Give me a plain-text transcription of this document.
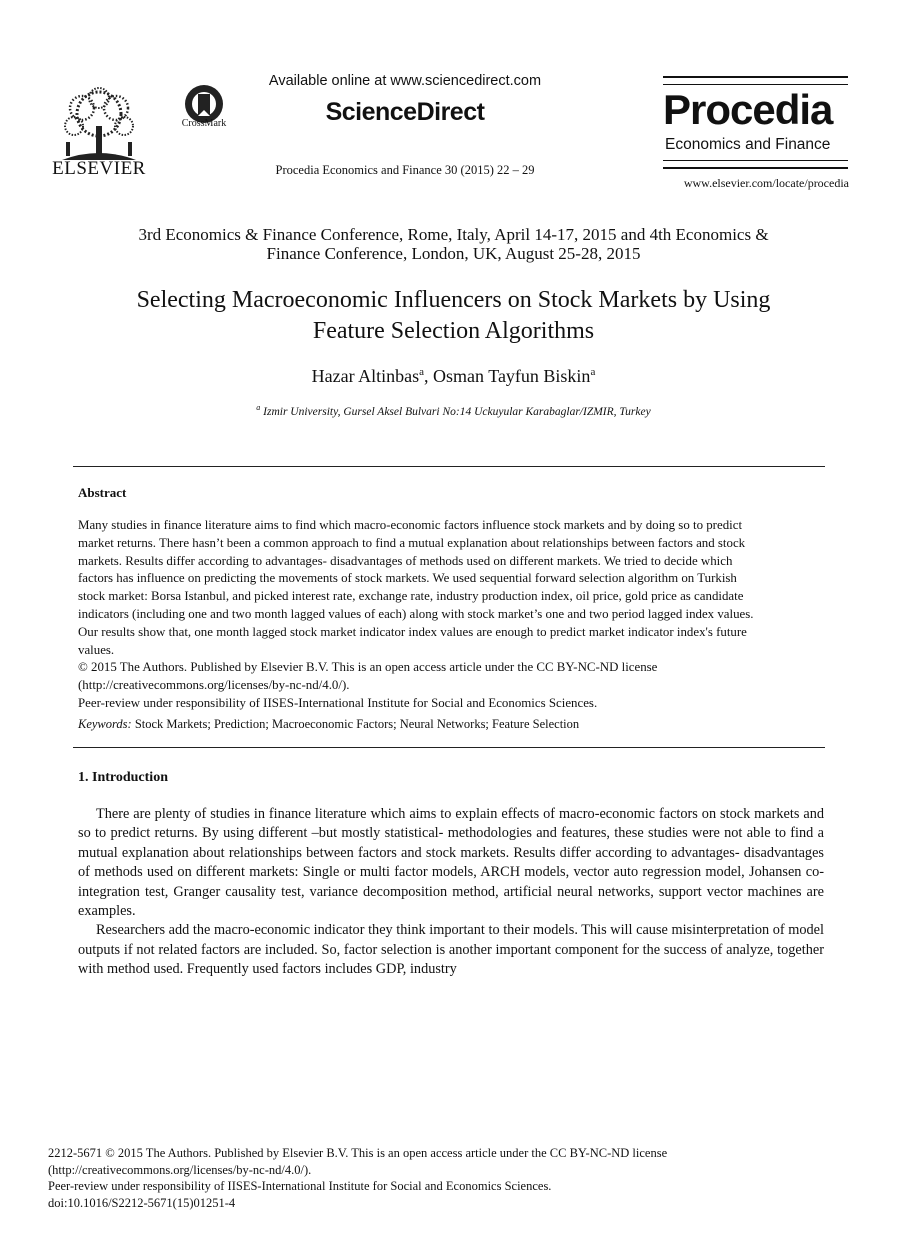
ELSEVIER
CrossMark
Available online at www.sciencedirect.com
ScienceDirect
Procedia Economics and Finance 30 (2015) 22 – 29
Procedia
Economics and Finance
www.elsevier.com/locate/procedia
3rd Economics & Finance Conference, Rome, Italy, April 14-17, 2015 and 4th Economics &
Finance Conference, London, UK, August 25-28, 2015
Selecting Macroeconomic Influencers on Stock Markets by Using
Feature Selection Algorithms
Hazar Altinbas$^a$, Osman Tayfun Biskin$^a$
$^a$ Izmir University, Gursel Aksel Bulvari No:14 Uckuyular Karabaglar/IZMIR, Turkey
Abstract
Many studies in finance literature aims to find which macro-economic factors influence stock markets and by doing so to predict
market returns. There hasn’t been a common approach to find a mutual explanation about relationships between factors and stock
markets. Results differ according to advantages- disadvantages of methods used on different markets. We tried to decide which
factors has influence on predicting the movements of stock markets. We used sequential forward selection algorithm on Turkish
stock market: Borsa Istanbul, and picked interest rate, exchange rate, industry production index, oil price, gold price as candidate
indicators (including one and two month lagged values of each) along with stock market’s one and two period lagged index values.
Our results show that, one month lagged stock market indicator index values are enough to predict market indicator index's future
values.
© 2015 The Authors. Published by Elsevier B.V. This is an open access article under the CC BY-NC-ND license
(http://creativecommons.org/licenses/by-nc-nd/4.0/).
Peer-review under responsibility of IISES-International Institute for Social and Economics Sciences.
Keywords: Stock Markets; Prediction; Macroeconomic Factors; Neural Networks; Feature Selection
1. Introduction

There are plenty of studies in finance literature which aims to explain effects of macro-economic factors on stock markets and so to predict returns. By using different –but mostly statistical- methodologies and features, these studies were not able to find a mutual explanation about relationships between factors and stock markets. Results differ according to advantages- disadvantages of methods used on different markets: Single or multi factor models, ARCH models, vector auto regression model, Johansen co-integration test, Granger causality test, variance decomposition method, artificial neural networks, support vector machines are examples.

Researchers add the macro-economic indicator they think important to their models. This will cause misinterpretation of model outputs if not related factors are included. So, factor selection is another important component for the success of analyze, together with method used. Frequently used factors includes GDP, industry

2212-5671 © 2015 The Authors. Published by Elsevier B.V. This is an open access article under the CC BY-NC-ND license
(http://creativecommons.org/licenses/by-nc-nd/4.0/).
Peer-review under responsibility of IISES-International Institute for Social and Economics Sciences.
doi:10.1016/S2212-5671(15)01251-4
